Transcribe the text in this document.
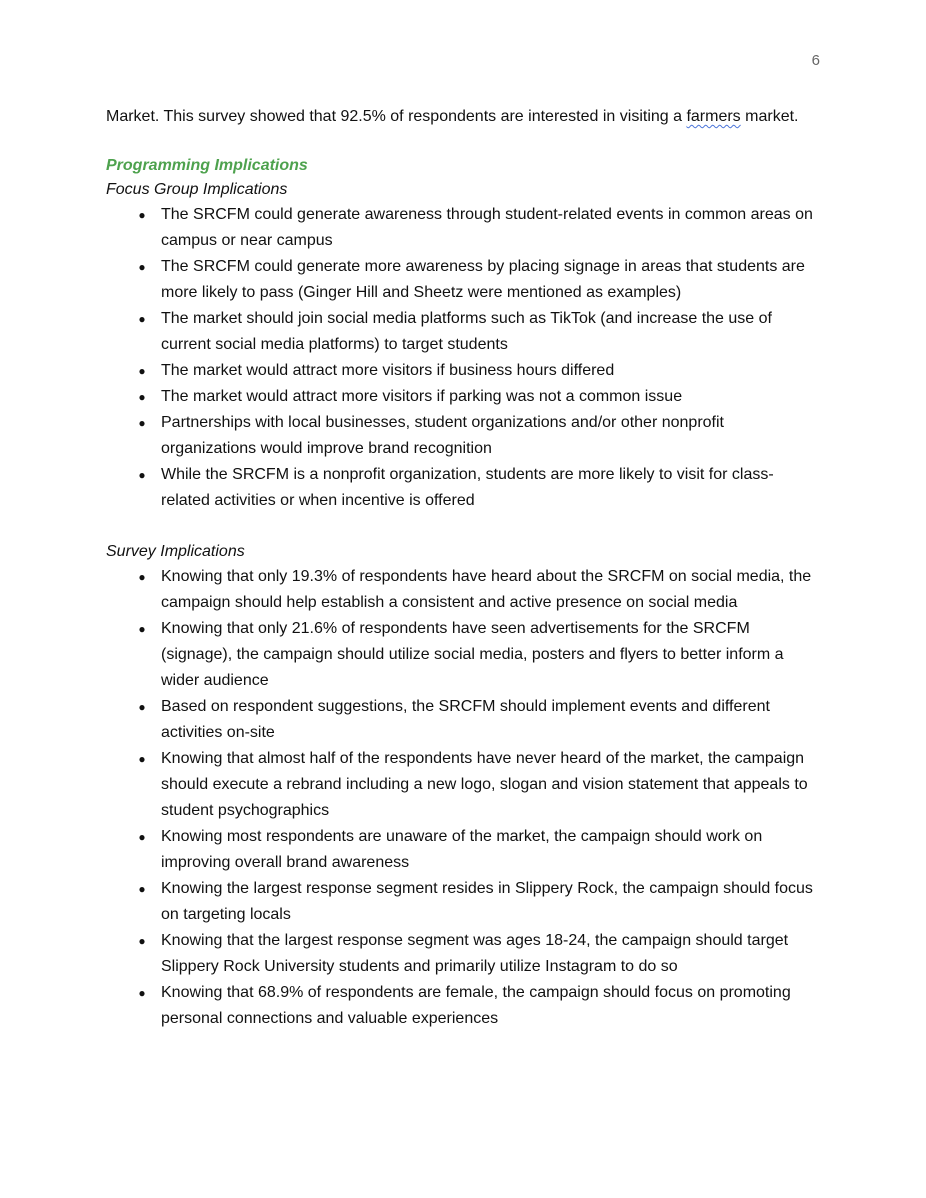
6

Market. This survey showed that 92.5% of respondents are interested in visiting a farmers market.

Programming Implications
Focus Group Implications
● The SRCFM could generate awareness through student-related events in common areas on campus or near campus
● The SRCFM could generate more awareness by placing signage in areas that students are more likely to pass (Ginger Hill and Sheetz were mentioned as examples)
● The market should join social media platforms such as TikTok (and increase the use of current social media platforms) to target students
● The market would attract more visitors if business hours differed
● The market would attract more visitors if parking was not a common issue
● Partnerships with local businesses, student organizations and/or other nonprofit organizations would improve brand recognition
● While the SRCFM is a nonprofit organization, students are more likely to visit for class-related activities or when incentive is offered
Survey Implications
● Knowing that only 19.3% of respondents have heard about the SRCFM on social media, the campaign should help establish a consistent and active presence on social media
● Knowing that only 21.6% of respondents have seen advertisements for the SRCFM (signage), the campaign should utilize social media, posters and flyers to better inform a wider audience
● Based on respondent suggestions, the SRCFM should implement events and different activities on-site
● Knowing that almost half of the respondents have never heard of the market, the campaign should execute a rebrand including a new logo, slogan and vision statement that appeals to student psychographics
● Knowing most respondents are unaware of the market, the campaign should work on improving overall brand awareness
● Knowing the largest response segment resides in Slippery Rock, the campaign should focus on targeting locals
● Knowing that the largest response segment was ages 18-24, the campaign should target Slippery Rock University students and primarily utilize Instagram to do so
● Knowing that 68.9% of respondents are female, the campaign should focus on promoting personal connections and valuable experiences
